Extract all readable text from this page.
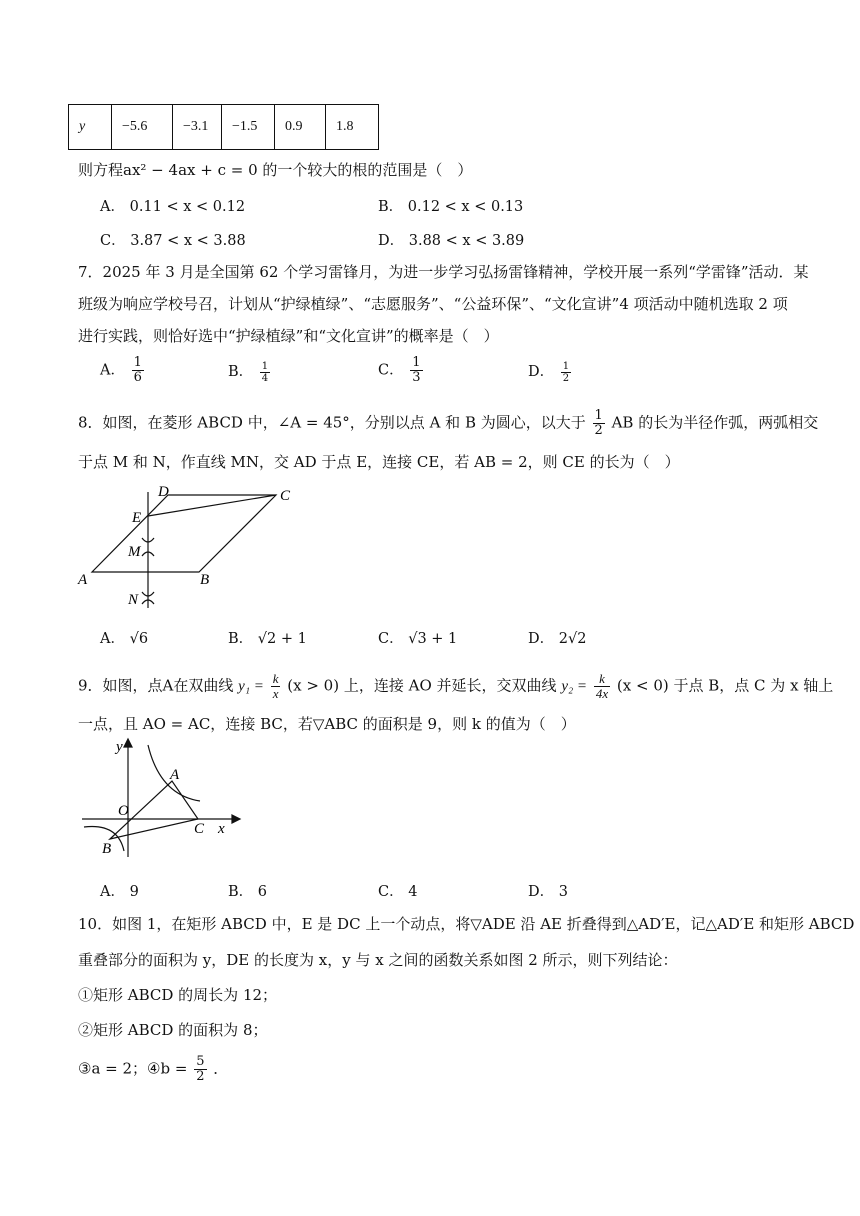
y	−5.6	−3.1	−1.5	0.9	1.8
则方程ax² − 4ax + c = 0 的一个较大的根的范围是（　）
A． 0.11 < x < 0.12	B． 0.12 < x < 0.13
C． 3.87 < x < 3.88	D． 3.88 < x < 3.89
7．2025 年 3 月是全国第 62 个学习雷锋月，为进一步学习弘扬雷锋精神，学校开展一系列“学雷锋”活动．某
班级为响应学校号召，计划从“护绿植绿”、“志愿服务”、“公益环保”、“文化宣讲”4 项活动中随机选取 2 项
进行实践，则恰好选中“护绿植绿”和“文化宣讲”的概率是（　）
A． $\frac{1}{6}$	B． $\frac{1}{4}$	C． $\frac{1}{3}$	D． $\frac{1}{2}$
8．如图，在菱形 ABCD 中，∠A = 45°，分别以点 A 和 B 为圆心，以大于 $\frac{1}{2}$ AB 的长为半径作弧，两弧相交
于点 M 和 N，作直线 MN，交 AD 于点 E，连接 CE，若 AB = 2，则 CE 的长为（　）
A	B
C
D
E
M
N
A． √6	B． √2 + 1	C． √3 + 1	D． 2√2
9．如图，点A在双曲线 $y_1 = \frac{k}{x} (x > 0)$ 上，连接 AO 并延长，交双曲线 $y_2 = \frac{k}{4x} (x < 0)$ 于点 B，点 C 为 x 轴上
一点，且 AO = AC，连接 BC，若▽ABC 的面积是 9，则 k 的值为（　）
y
x
O
A
B
C
A． 9	B． 6	C． 4	D． 3
10．如图 1，在矩形 ABCD 中，E 是 DC 上一个动点，将▽ADE 沿 AE 折叠得到△AD′E，记△AD′E 和矩形 ABCD
重叠部分的面积为 y，DE 的长度为 x，y 与 x 之间的函数关系如图 2 所示，则下列结论：
①矩形 ABCD 的周长为 12；
②矩形 ABCD 的面积为 8；
③a = 2；④b = $\frac{5}{2}$ ．
